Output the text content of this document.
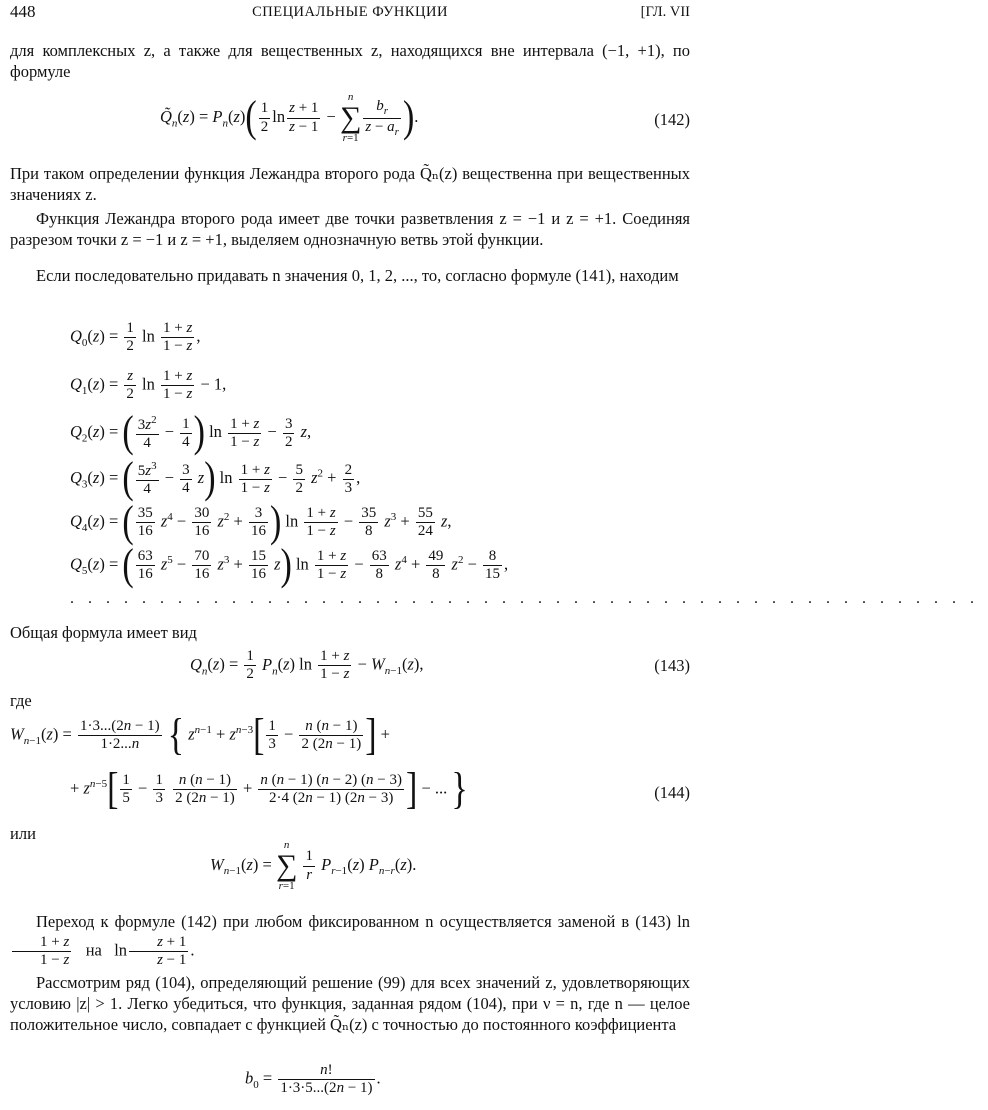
448	СПЕЦИАЛЬНЫЕ ФУНКЦИИ	[ГЛ. VII

для комплексных z, а также для вещественных z, находящихся вне интервала (−1, +1), по формуле

$Q̃_n(z) = P_n(z)( \frac{1}{2}$ $\ln \frac{z + 1}{z - 1} - n$
∑
$r=1 \frac{b_r}{z - a_r}$ ).	(142)

При таком определении функция Лежандра второго рода Q̃ₙ(z) вещественна при вещественных значениях z.

Функция Лежандра второго рода имеет две точки разветвления z = −1 и z = +1. Соединяя разрезом точки z = −1 и z = +1, выделяем однозначную ветвь этой функции.

Если последовательно придавать n значения 0, 1, 2, ..., то, согласно формуле (141), находим

$Q_0(z) = \frac{1}{2}$ $\ln \frac{1 + z}{1 - z}$ ,
$Q_1(z) = \frac{z}{2}$ $\ln \frac{1 + z}{1 - z} - 1$,
$Q_2(z)$ = ( $\frac{3z^2}{4} - \frac{1}{4}$ ) $\ln \frac{1 + z}{1 - z} - \frac{3}{2} z$,
$Q_3(z)$ = ( $\frac{5z^3}{4} - \frac{3}{4} z$) $\ln \frac{1 + z}{1 - z} - \frac{5}{2} z^2 + \frac{2}{3}$ ,
$Q_4(z)$ = ( $\frac{35}{16} z^4 - \frac{30}{16} z^2 + \frac{3}{16}$ ) $\ln \frac{1 + z}{1 - z} - \frac{35}{8} z^3 + \frac{55}{24} z$,
$Q_5(z)$ = ( $\frac{63}{16} z^5 - \frac{70}{16} z^3 + \frac{15}{16} z$) $\ln \frac{1 + z}{1 - z} - \frac{63}{8} z^4 + \frac{49}{8} z^2 - \frac{8}{15}$ ,
...................................................

Общая формула имеет вид

$Q_n(z) = \frac{1}{2} P_n(z)$ $\ln \frac{1 + z}{1 - z} - W_{n-1}(z)$,	(143)

где

$W_{n-1}(z) = \frac{1\cdot 3...(2n - 1)}{1\cdot 2...n}$ { $z^{n-1} + z^{n-3}[ \frac{1}{3} - \frac{n (n - 1)}{2 (2n - 1)}$ ] +
+ $z^{n-5}[ \frac{1}{5} - \frac{1}{3}$
$\frac{n (n - 1)}{2 (2n - 1)} + \frac{n (n - 1) (n - 2) (n - 3)}{2\cdot 4 (2n - 1) (2n - 3)}$ ] − ... }	(144)

или

$W_{n-1}(z) = n$
∑
r=1
$\frac{1}{r} P_{r-1}(z)$ $P_{n-r}(z)$.

Переход к формуле (142) при любом фиксированном n осуществляется заменой в (143) ln
$\frac{1 + z}{1 - z}$ на   $\ln \frac{z + 1}{z - 1}$ .

Рассмотрим ряд (104), определяющий решение (99) для всех значений z, удовлетворяющих условию |z| > 1. Легко убедиться, что функция, заданная рядом (104), при ν = n, где n — целое положительное число, совпадает с функцией Q̃ₙ(z) с точностью до постоянного коэффициента

$b_0 = \frac{n!}{1\cdot 3\cdot 5...(2n - 1)}$ .
